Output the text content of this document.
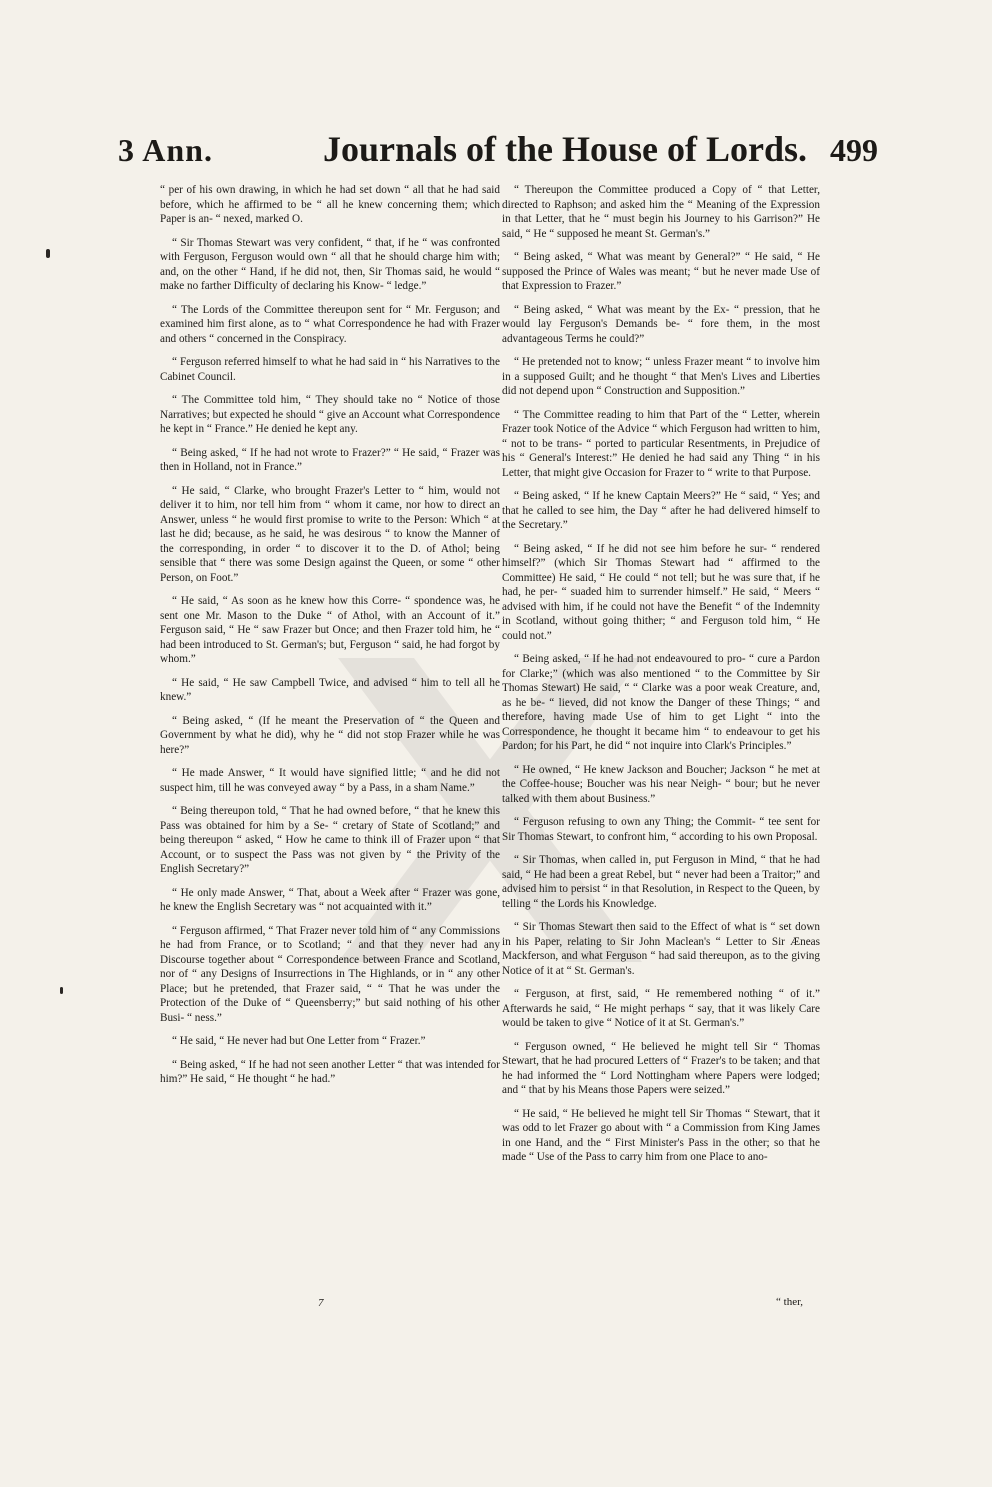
3 Ann.	Journals of the House of Lords. 499

“ per of his own drawing, in which he had set down “ all that he had said before, which he affirmed to be “ all he knew concerning them; which Paper is an- “ nexed, marked O.

“ Sir Thomas Stewart was very confident, “ that, if he “ was confronted with Ferguson, Ferguson would own “ all that he should charge him with; and, on the other “ Hand, if he did not, then, Sir Thomas said, he would “ make no farther Difficulty of declaring his Know- “ ledge.”

“ The Lords of the Committee thereupon sent for “ Mr. Ferguson; and examined him first alone, as to “ what Correspondence he had with Frazer and others “ concerned in the Conspiracy.

“ Ferguson referred himself to what he had said in “ his Narratives to the Cabinet Council.

“ The Committee told him, “ They should take no “ Notice of those Narratives; but expected he should “ give an Account what Correspondence he kept in “ France.” He denied he kept any.

“ Being asked, “ If he had not wrote to Frazer?” “ He said, “ Frazer was then in Holland, not in France.”

“ He said, “ Clarke, who brought Frazer's Letter to “ him, would not deliver it to him, nor tell him from “ whom it came, nor how to direct an Answer, unless “ he would first promise to write to the Person: Which “ at last he did; because, as he said, he was desirous “ to know the Manner of the corresponding, in order “ to discover it to the D. of Athol; being sensible that “ there was some Design against the Queen, or some “ other Person, on Foot.”

“ He said, “ As soon as he knew how this Corre- “ spondence was, he sent one Mr. Mason to the Duke “ of Athol, with an Account of it.” Ferguson said, “ He “ saw Frazer but Once; and then Frazer told him, he “ had been introduced to St. German's; but, Ferguson “ said, he had forgot by whom.”

“ He said, “ He saw Campbell Twice, and advised “ him to tell all he knew.”

“ Being asked, “ (If he meant the Preservation of “ the Queen and Government by what he did), why he “ did not stop Frazer while he was here?”

“ He made Answer, “ It would have signified little; “ and he did not suspect him, till he was conveyed away “ by a Pass, in a sham Name.”

“ Being thereupon told, “ That he had owned before, “ that he knew this Pass was obtained for him by a Se- “ cretary of State of Scotland;” and being thereupon “ asked, “ How he came to think ill of Frazer upon “ that Account, or to suspect the Pass was not given by “ the Privity of the English Secretary?”

“ He only made Answer, “ That, about a Week after “ Frazer was gone, he knew the English Secretary was “ not acquainted with it.”

“ Ferguson affirmed, “ That Frazer never told him of “ any Commissions he had from France, or to Scotland; “ and that they never had any Discourse together about “ Correspondence between France and Scotland, nor of “ any Designs of Insurrections in The Highlands, or in “ any other Place; but he pretended, that Frazer said, “ “ That he was under the Protection of the Duke of “ Queensberry;” but said nothing of his other Busi- “ ness.”

“ He said, “ He never had but One Letter from “ Frazer.”

“ Being asked, “ If he had not seen another Letter “ that was intended for him?” He said, “ He thought “ he had.”

“ Thereupon the Committee produced a Copy of “ that Letter, directed to Raphson; and asked him the “ Meaning of the Expression in that Letter, that he “ must begin his Journey to his Garrison?” He said, “ He “ supposed he meant St. German's.”

“ Being asked, “ What was meant by General?” “ He said, “ He supposed the Prince of Wales was meant; “ but he never made Use of that Expression to Frazer.”

“ Being asked, “ What was meant by the Ex- “ pression, that he would lay Ferguson's Demands be- “ fore them, in the most advantageous Terms he could?”

“ He pretended not to know; “ unless Frazer meant “ to involve him in a supposed Guilt; and he thought “ that Men's Lives and Liberties did not depend upon “ Construction and Supposition.”

“ The Committee reading to him that Part of the “ Letter, wherein Frazer took Notice of the Advice “ which Ferguson had written to him, “ not to be trans- “ ported to particular Resentments, in Prejudice of his “ General's Interest:” He denied he had said any Thing “ in his Letter, that might give Occasion for Frazer to “ write to that Purpose.

“ Being asked, “ If he knew Captain Meers?” He “ said, “ Yes; and that he called to see him, the Day “ after he had delivered himself to the Secretary.”

“ Being asked, “ If he did not see him before he sur- “ rendered himself?” (which Sir Thomas Stewart had “ affirmed to the Committee) He said, “ He could “ not tell; but he was sure that, if he had, he per- “ suaded him to surrender himself.” He said, “ Meers “ advised with him, if he could not have the Benefit “ of the Indemnity in Scotland, without going thither; “ and Ferguson told him, “ He could not.”

“ Being asked, “ If he had not endeavoured to pro- “ cure a Pardon for Clarke;” (which was also mentioned “ to the Committee by Sir Thomas Stewart) He said, “ “ Clarke was a poor weak Creature, and, as he be- “ lieved, did not know the Danger of these Things; “ and therefore, having made Use of him to get Light “ into the Correspondence, he thought it became him “ to endeavour to get his Pardon; for his Part, he did “ not inquire into Clark's Principles.”

“ He owned, “ He knew Jackson and Boucher; Jackson “ he met at the Coffee-house; Boucher was his near Neigh- “ bour; but he never talked with them about Business.”

“ Ferguson refusing to own any Thing; the Commit- “ tee sent for Sir Thomas Stewart, to confront him, “ according to his own Proposal.

“ Sir Thomas, when called in, put Ferguson in Mind, “ that he had said, “ He had been a great Rebel, but “ never had been a Traitor;” and advised him to persist “ in that Resolution, in Respect to the Queen, by telling “ the Lords his Knowledge.

“ Sir Thomas Stewart then said to the Effect of what is “ set down in his Paper, relating to Sir John Maclean's “ Letter to Sir Æneas Mackferson, and what Ferguson “ had said thereupon, as to the giving Notice of it at “ St. German's.

“ Ferguson, at first, said, “ He remembered nothing “ of it.” Afterwards he said, “ He might perhaps “ say, that it was likely Care would be taken to give “ Notice of it at St. German's.”

“ Ferguson owned, “ He believed he might tell Sir “ Thomas Stewart, that he had procured Letters of “ Frazer's to be taken; and that he had informed the “ Lord Nottingham where Papers were lodged; and “ that by his Means those Papers were seized.”

“ He said, “ He believed he might tell Sir Thomas “ Stewart, that it was odd to let Frazer go about with “ a Commission from King James in one Hand, and the “ First Minister's Pass in the other; so that he made “ Use of the Pass to carry him from one Place to ano-

7	“ ther,
